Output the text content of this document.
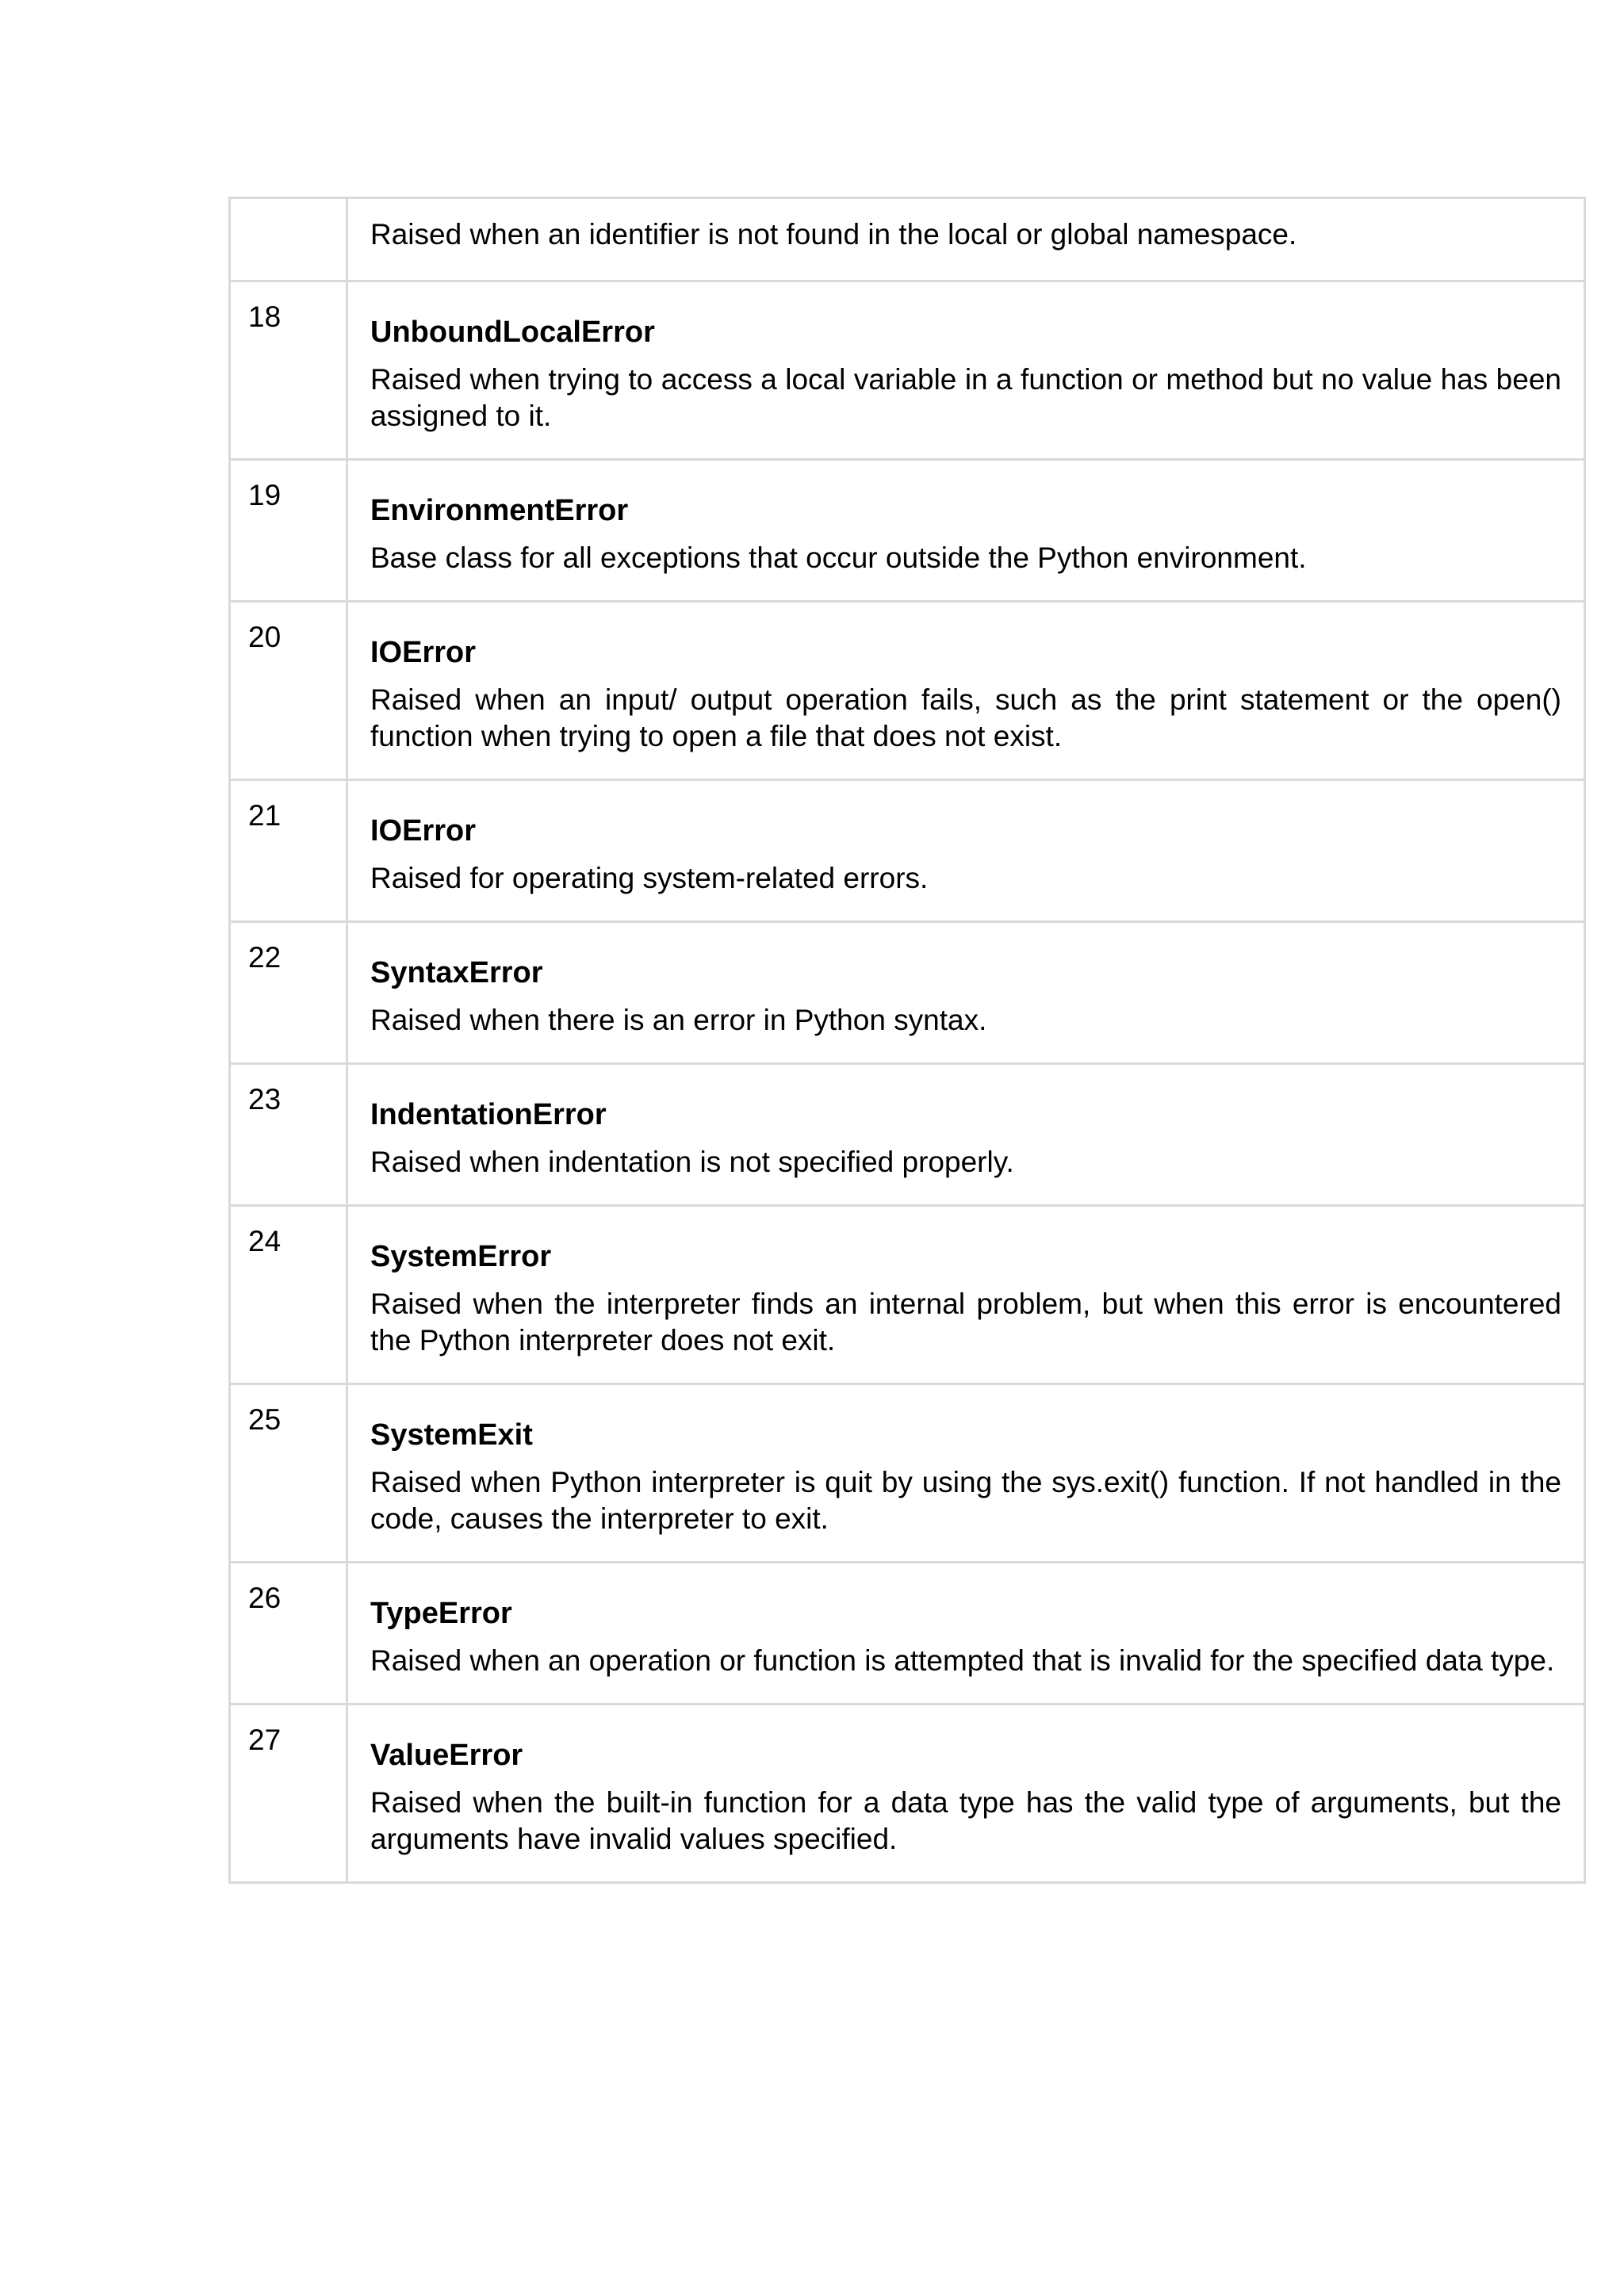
Raised when an identifier is not found in the local or global namespace.

18	UnboundLocalError

Raised when trying to access a local variable in a function or method but no value has been assigned to it.

19	EnvironmentError

Base class for all exceptions that occur outside the Python environment.

20	IOError

Raised when an input/ output operation fails, such as the print statement or the open() function when trying to open a file that does not exist.

21	IOError

Raised for operating system-related errors.

22	SyntaxError

Raised when there is an error in Python syntax.

23	IndentationError

Raised when indentation is not specified properly.

24	SystemError

Raised when the interpreter finds an internal problem, but when this error is encountered the Python interpreter does not exit.

25	SystemExit

Raised when Python interpreter is quit by using the sys.exit() function. If not handled in the code, causes the interpreter to exit.

26	TypeError

Raised when an operation or function is attempted that is invalid for the specified data type.

27	ValueError

Raised when the built-in function for a data type has the valid type of arguments, but the arguments have invalid values specified.
